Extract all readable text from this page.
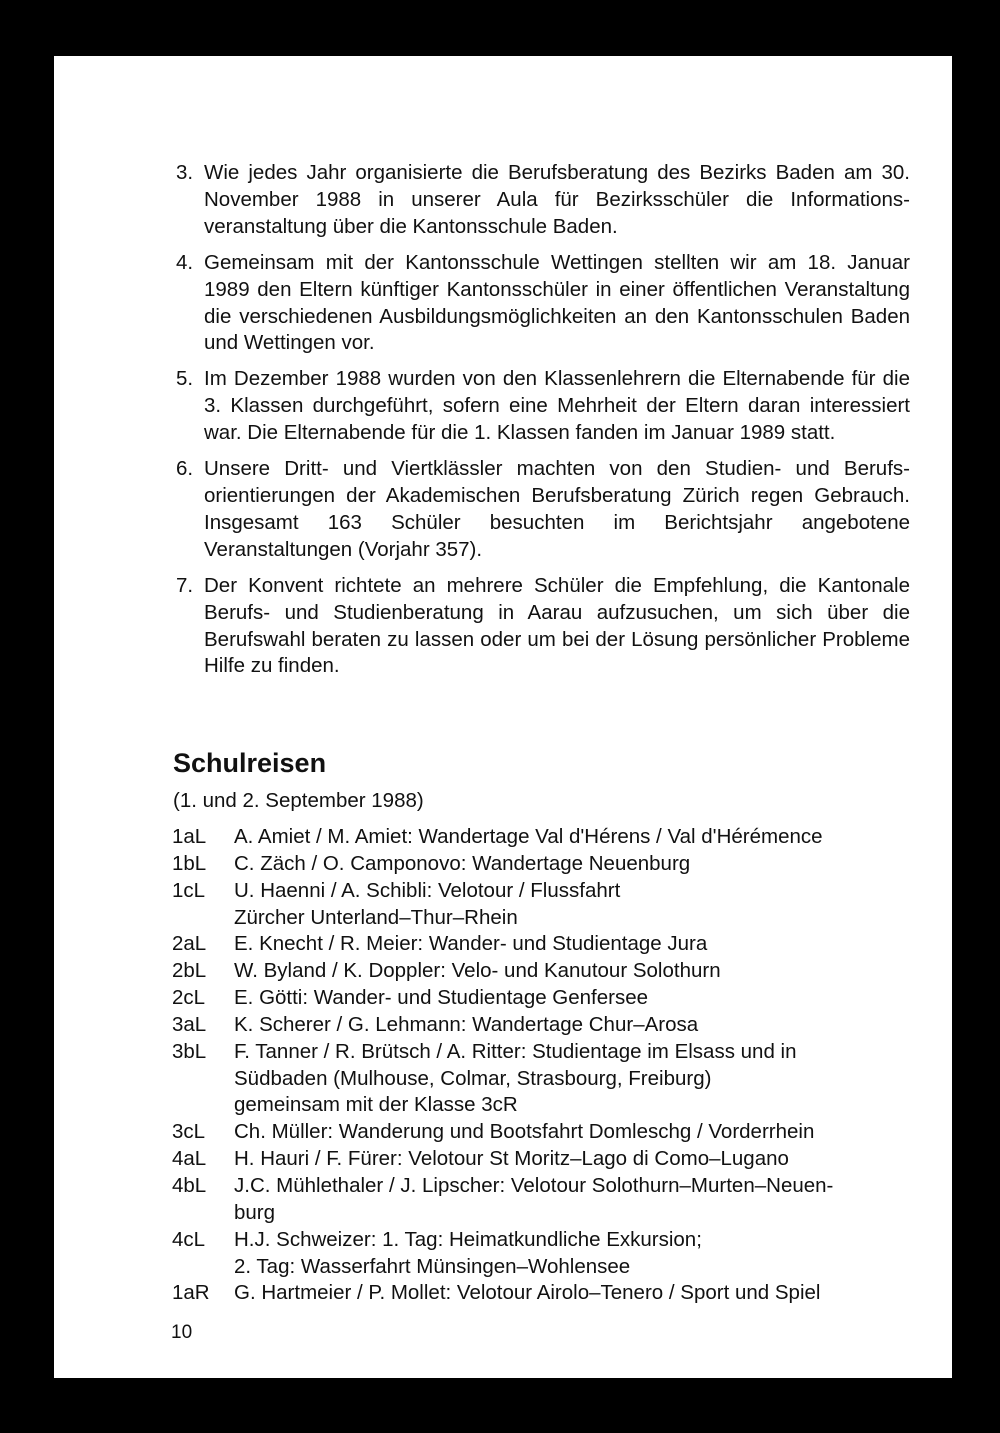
3. Wie jedes Jahr organisierte die Berufsberatung des Bezirks Baden am 30. November 1988 in unserer Aula für Bezirksschüler die Informationsveranstaltung über die Kantonsschule Baden.
4. Gemeinsam mit der Kantonsschule Wettingen stellten wir am 18. Januar 1989 den Eltern künftiger Kantonsschüler in einer öffentlichen Veranstaltung die verschiedenen Ausbildungsmöglichkeiten an den Kantonsschulen Baden und Wettingen vor.
5. Im Dezember 1988 wurden von den Klassenlehrern die Elternabende für die 3. Klassen durchgeführt, sofern eine Mehrheit der Eltern daran interessiert war. Die Elternabende für die 1. Klassen fanden im Januar 1989 statt.
6. Unsere Dritt- und Viertklässler machten von den Studien- und Berufsorientierungen der Akademischen Berufsberatung Zürich regen Gebrauch. Insgesamt 163 Schüler besuchten im Berichtsjahr angebotene Veranstaltungen (Vorjahr 357).
7. Der Konvent richtete an mehrere Schüler die Empfehlung, die Kantonale Berufs- und Studienberatung in Aarau aufzusuchen, um sich über die Berufswahl beraten zu lassen oder um bei der Lösung persönlicher Probleme Hilfe zu finden.
Schulreisen
(1. und 2. September 1988)
1aL	A. Amiet / M. Amiet: Wandertage Val d'Hérens / Val d'Hérémence
1bL	C. Zäch / O. Camponovo: Wandertage Neuenburg
1cL	U. Haenni / A. Schibli: Velotour / Flussfahrt
Zürcher Unterland–Thur–Rhein
2aL	E. Knecht / R. Meier: Wander- und Studientage Jura
2bL	W. Byland / K. Doppler: Velo- und Kanutour Solothurn
2cL	E. Götti: Wander- und Studientage Genfersee
3aL	K. Scherer / G. Lehmann: Wandertage Chur–Arosa
3bL	F. Tanner / R. Brütsch / A. Ritter: Studientage im Elsass und in
Südbaden (Mulhouse, Colmar, Strasbourg, Freiburg)
gemeinsam mit der Klasse 3cR
3cL	Ch. Müller: Wanderung und Bootsfahrt Domleschg / Vorderrhein
4aL	H. Hauri / F. Fürer: Velotour St Moritz–Lago di Como–Lugano
4bL	J.C. Mühlethaler / J. Lipscher: Velotour Solothurn–Murten–Neuen-
burg
4cL	H.J. Schweizer: 1. Tag: Heimatkundliche Exkursion;
2. Tag: Wasserfahrt Münsingen–Wohlensee
1aR	G. Hartmeier / P. Mollet: Velotour Airolo–Tenero / Sport und Spiel
10
